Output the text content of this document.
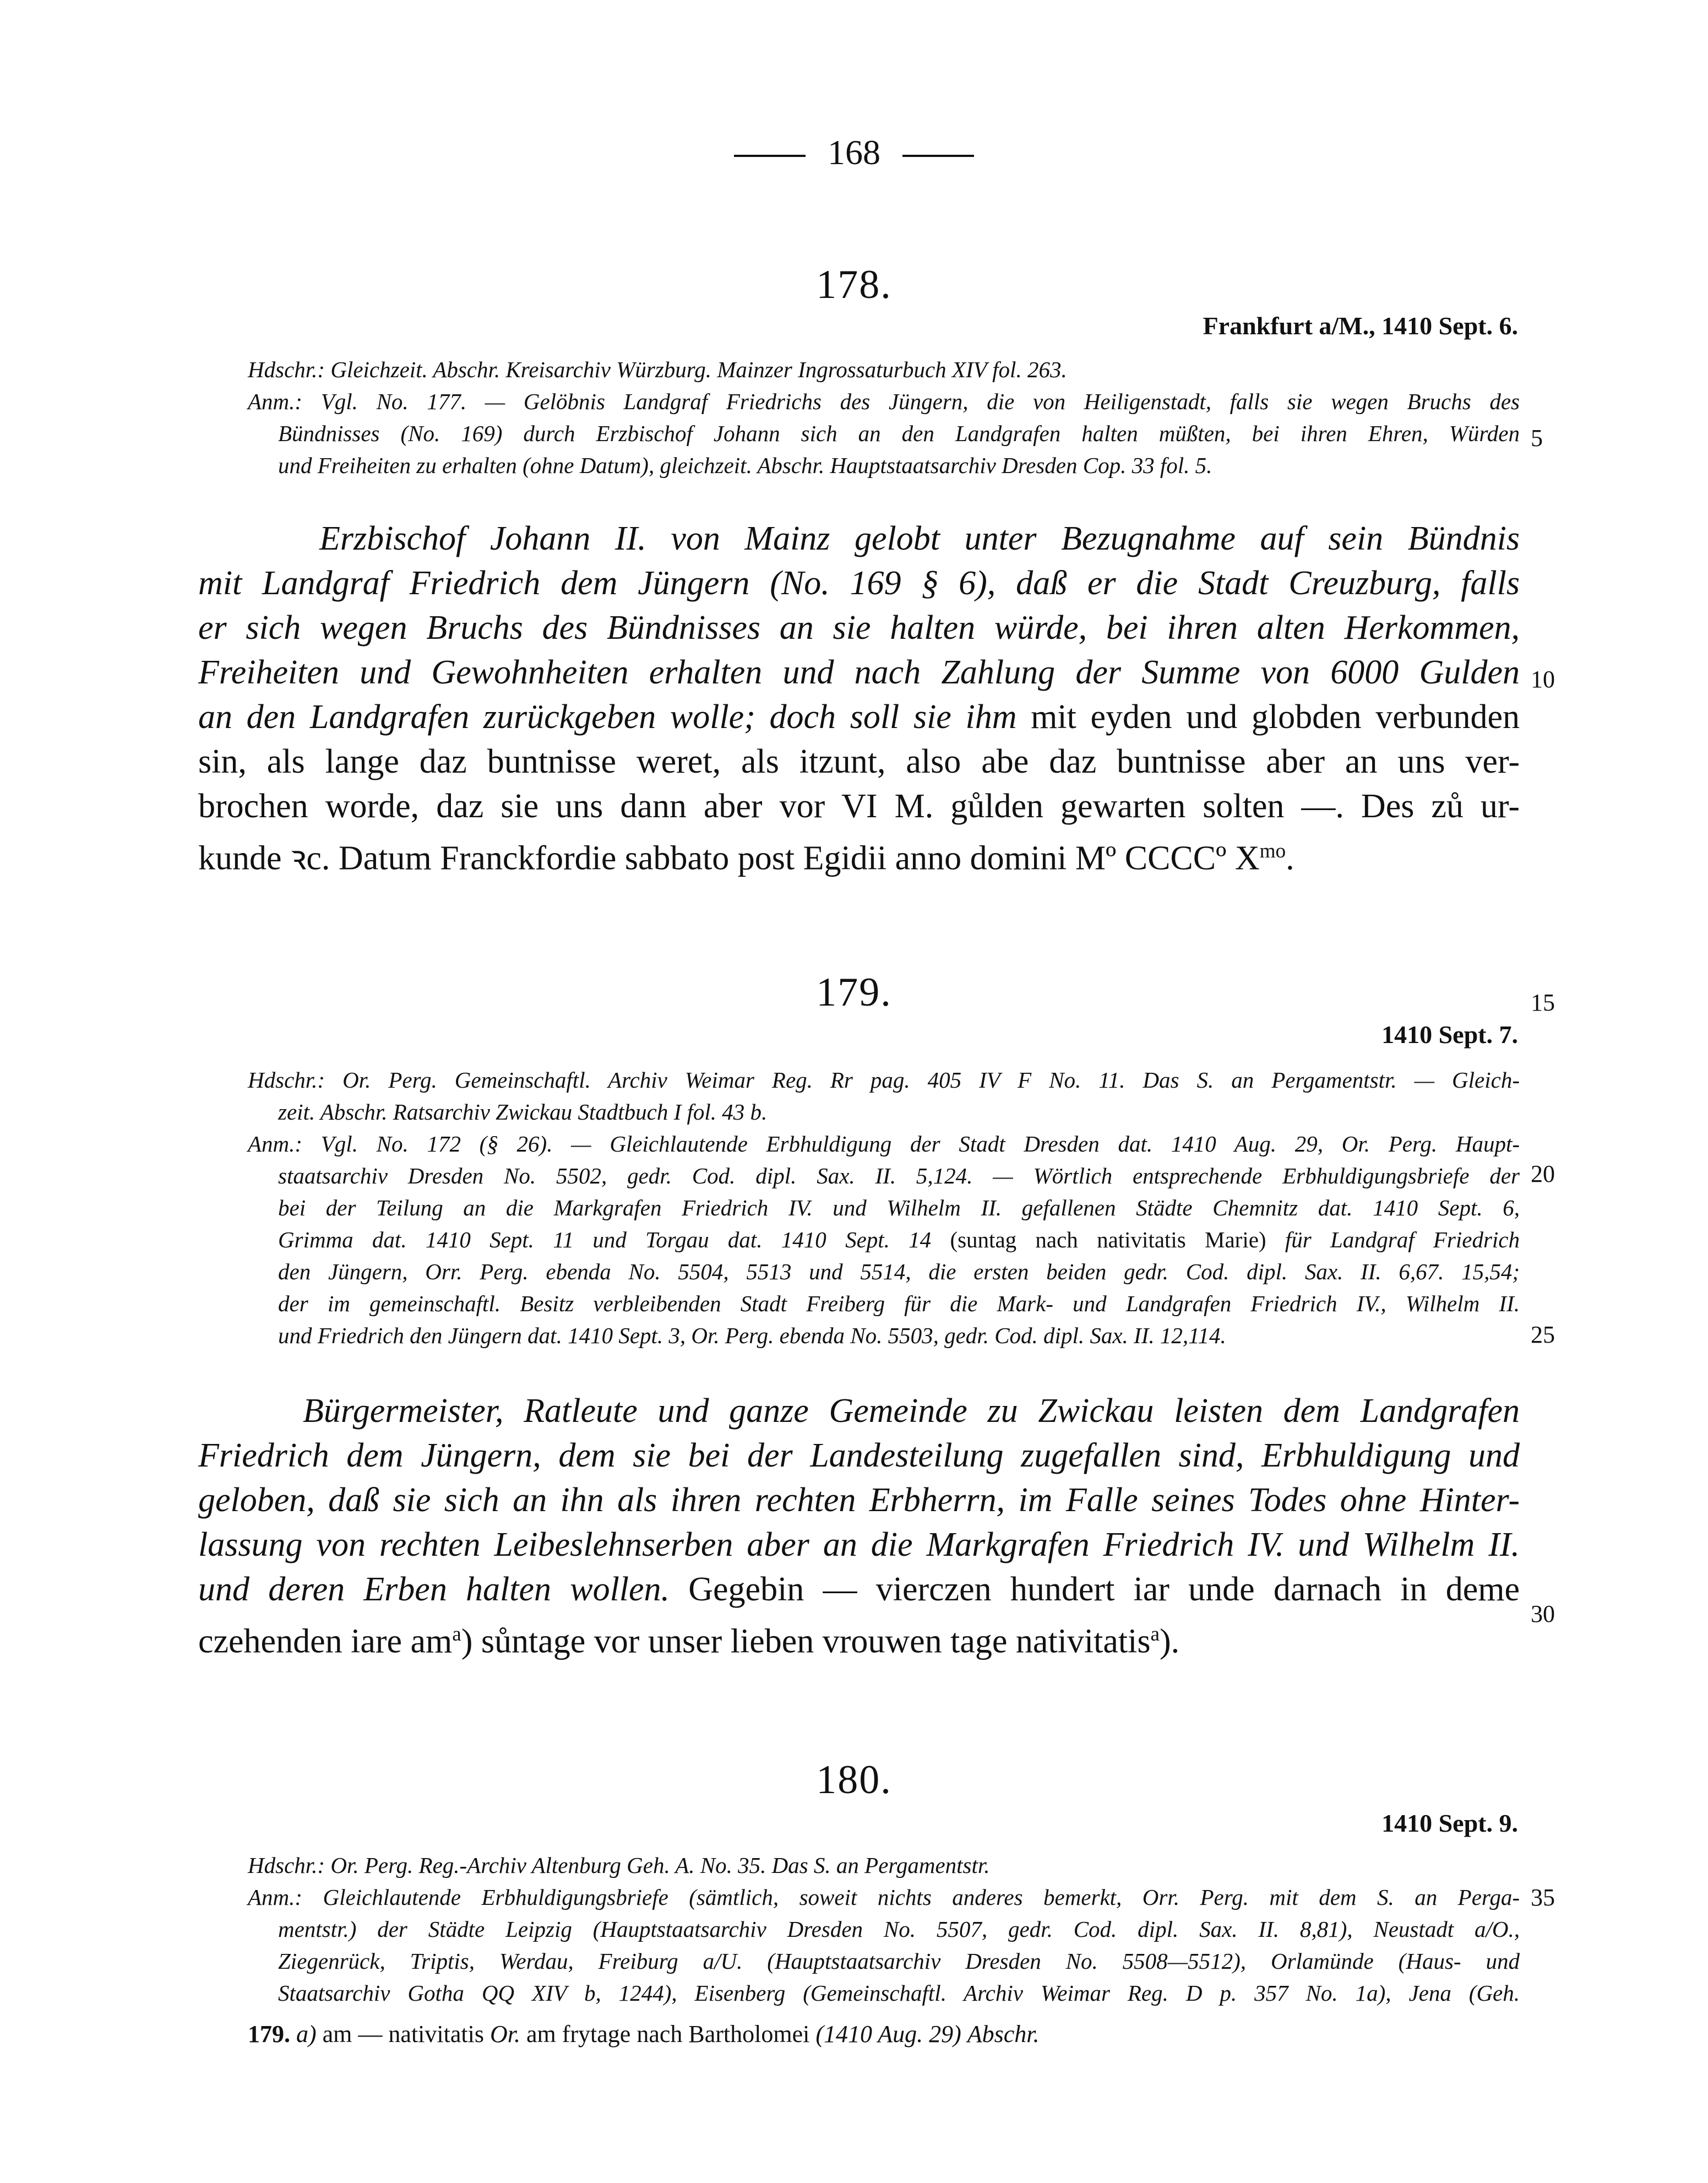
168
178.
Frankfurt a/M., 1410 Sept. 6.
Hdschr.: Gleichzeit. Abschr. Kreisarchiv Würzburg. Mainzer Ingrossaturbuch XIV fol. 263.
Anm.: Vgl. No. 177. — Gelöbnis Landgraf Friedrichs des Jüngern, die von Heiligenstadt, falls sie wegen Bruchs des
Bündnisses (No. 169) durch Erzbischof Johann sich an den Landgrafen halten müßten, bei ihren Ehren, Würden
und Freiheiten zu erhalten (ohne Datum), gleichzeit. Abschr. Hauptstaatsarchiv Dresden Cop. 33 fol. 5.
Erzbischof Johann II. von Mainz gelobt unter Bezugnahme auf sein Bündnis
mit Landgraf Friedrich dem Jüngern (No. 169 § 6), daß er die Stadt Creuzburg, falls
er sich wegen Bruchs des Bündnisses an sie halten würde, bei ihren alten Herkommen,
Freiheiten und Gewohnheiten erhalten und nach Zahlung der Summe von 6000 Gulden
an den Landgrafen zurückgeben wolle; doch soll sie ihm mit eyden und globden verbunden
sin, als lange daz buntnisse weret, als itzunt, also abe daz buntnisse aber an uns ver-
brochen worde, daz sie uns dann aber vor VI M. gůlden gewarten solten —. Des zů ur-
kunde ꝛc. Datum Franckfordie sabbato post Egidii anno domini Mº CCCCº $X^{mo}$.
179.
1410 Sept. 7.
Hdschr.: Or. Perg. Gemeinschaftl. Archiv Weimar Reg. Rr pag. 405 IV F No. 11. Das S. an Pergamentstr. — Gleich-
zeit. Abschr. Ratsarchiv Zwickau Stadtbuch I fol. 43 b.
Anm.: Vgl. No. 172 (§ 26). — Gleichlautende Erbhuldigung der Stadt Dresden dat. 1410 Aug. 29, Or. Perg. Haupt-
staatsarchiv Dresden No. 5502, gedr. Cod. dipl. Sax. II. 5,124. — Wörtlich entsprechende Erbhuldigungsbriefe der
bei der Teilung an die Markgrafen Friedrich IV. und Wilhelm II. gefallenen Städte Chemnitz dat. 1410 Sept. 6,
Grimma dat. 1410 Sept. 11 und Torgau dat. 1410 Sept. 14 (suntag nach nativitatis Marie) für Landgraf Friedrich
den Jüngern, Orr. Perg. ebenda No. 5504, 5513 und 5514, die ersten beiden gedr. Cod. dipl. Sax. II. 6,67. 15,54;
der im gemeinschaftl. Besitz verbleibenden Stadt Freiberg für die Mark- und Landgrafen Friedrich IV., Wilhelm II.
und Friedrich den Jüngern dat. 1410 Sept. 3, Or. Perg. ebenda No. 5503, gedr. Cod. dipl. Sax. II. 12,114.
Bürgermeister, Ratleute und ganze Gemeinde zu Zwickau leisten dem Landgrafen
Friedrich dem Jüngern, dem sie bei der Landesteilung zugefallen sind, Erbhuldigung und
geloben, daß sie sich an ihn als ihren rechten Erbherrn, im Falle seines Todes ohne Hinter-
lassung von rechten Leibeslehnserben aber an die Markgrafen Friedrich IV. und Wilhelm II.
und deren Erben halten wollen. Gegebin — vierczen hundert iar unde darnach in deme
czehenden iare $am^a$) sůntage vor unser lieben vrouwen tage nativitatis$^a$).
180.
1410 Sept. 9.
Hdschr.: Or. Perg. Reg.-Archiv Altenburg Geh. A. No. 35. Das S. an Pergamentstr.
Anm.: Gleichlautende Erbhuldigungsbriefe (sämtlich, soweit nichts anderes bemerkt, Orr. Perg. mit dem S. an Perga-
mentstr.) der Städte Leipzig (Hauptstaatsarchiv Dresden No. 5507, gedr. Cod. dipl. Sax. II. 8,81), Neustadt a/O.,
Ziegenrück, Triptis, Werdau, Freiburg a/U. (Hauptstaatsarchiv Dresden No. 5508—5512), Orlamünde (Haus- und
Staatsarchiv Gotha QQ XIV b, 1244), Eisenberg (Gemeinschaftl. Archiv Weimar Reg. D p. 357 No. 1a), Jena (Geh.
5
10
15
20
25
30
35
179. a) am — nativitatis Or. am frytage nach Bartholomei (1410 Aug. 29) Abschr.
